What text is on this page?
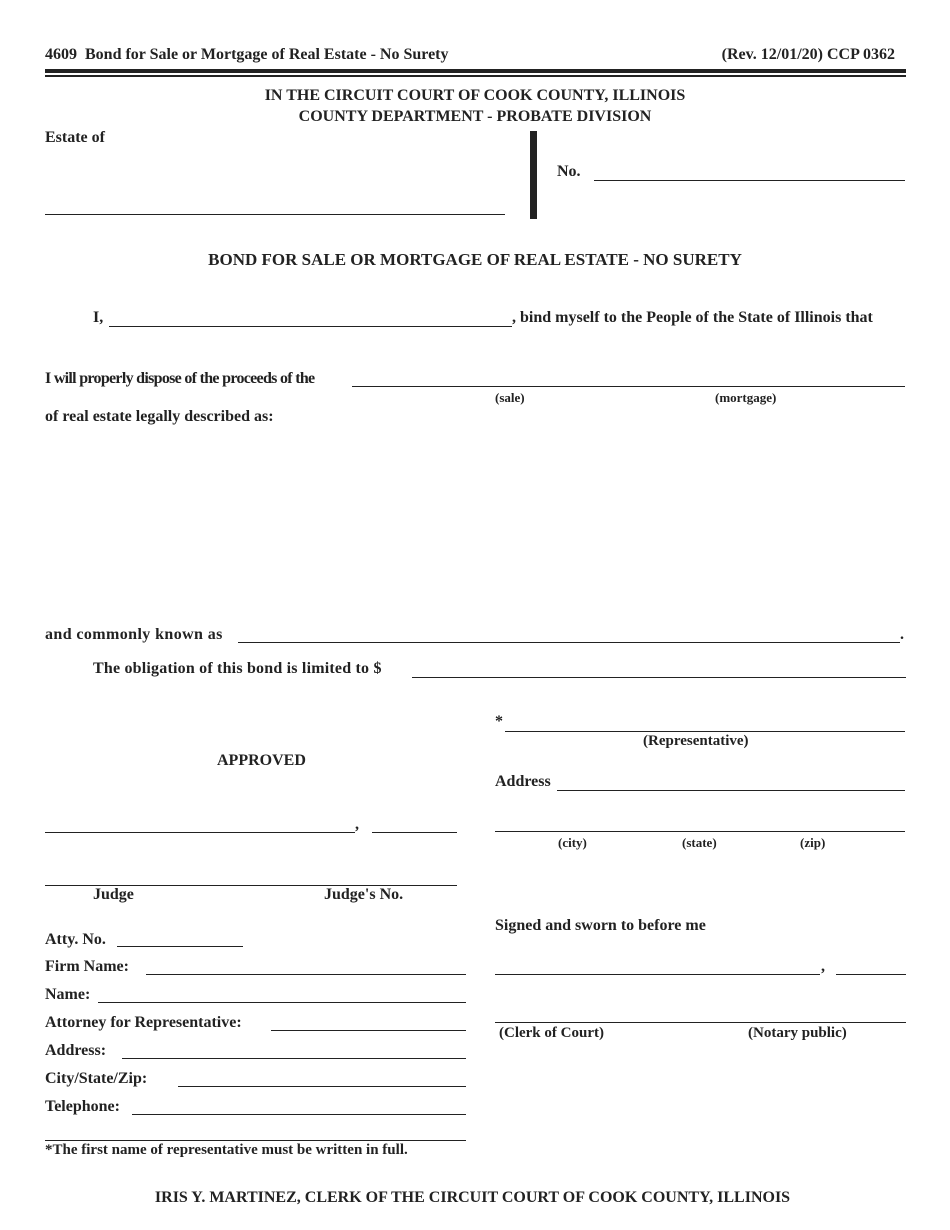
4609 Bond for Sale or Mortgage of Real Estate - No Surety	(Rev. 12/01/20) CCP 0362
IN THE CIRCUIT COURT OF COOK COUNTY, ILLINOIS
COUNTY DEPARTMENT - PROBATE DIVISION
Estate of
No.
BOND FOR SALE OR MORTGAGE OF REAL ESTATE - NO SURETY
I,	, bind myself to the People of the State of Illinois that
I will properly dispose of the proceeds of the
(sale)	(mortgage)
of real estate legally described as:
and commonly known as	.
The obligation of this bond is limited to $
*
(Representative)
Address
(city)	(state)	(zip)
APPROVED
,
Judge	Judge's No.
Atty. No.
Firm Name:
Name:
Attorney for Representative:
Address:
City/State/Zip:
Telephone:
*The first name of representative must be written in full.
Signed and sworn to before me
,
(Clerk of Court)	(Notary public)
IRIS Y. MARTINEZ, CLERK OF THE CIRCUIT COURT OF COOK COUNTY, ILLINOIS
